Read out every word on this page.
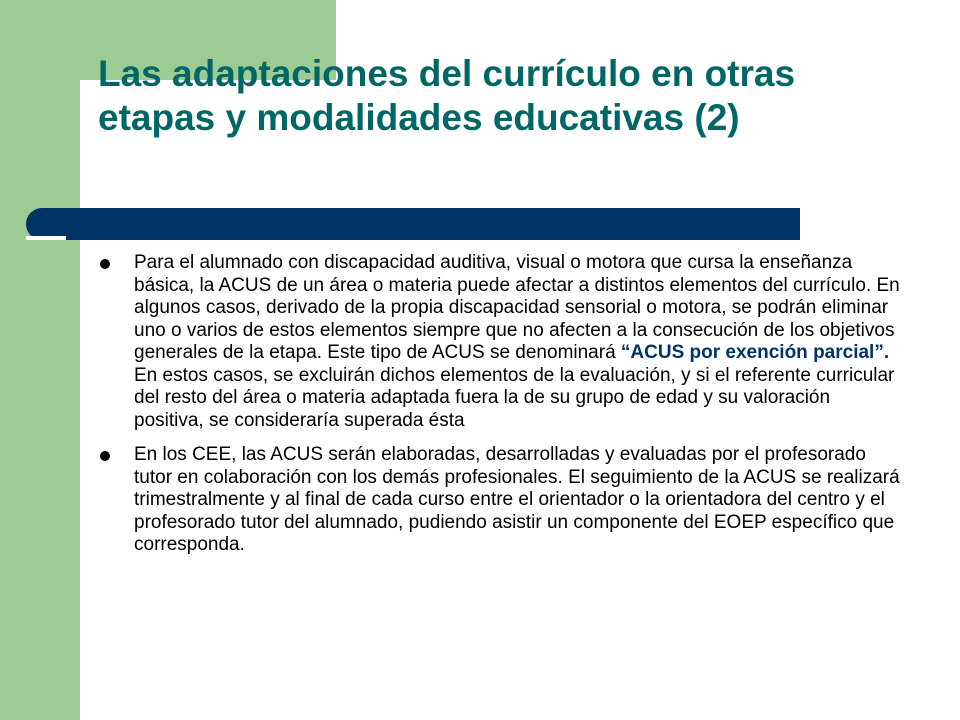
Las adaptaciones del currículo en otras etapas y modalidades educativas (2)
Para el alumnado con discapacidad auditiva, visual o motora que cursa la enseñanza básica, la ACUS de un área o materia puede afectar a distintos elementos del currículo. En algunos casos, derivado de la propia discapacidad sensorial o motora, se podrán eliminar uno o varios de estos elementos siempre que no afecten a la consecución de los objetivos generales de la etapa. Este tipo de ACUS se denominará “ACUS por exención parcial”. En estos casos, se excluirán dichos elementos de la evaluación, y si el referente curricular del resto del área o materia adaptada fuera la de su grupo de edad y su valoración positiva, se consideraría superada ésta
En los CEE, las ACUS serán elaboradas, desarrolladas y evaluadas por el profesorado tutor en colaboración con los demás profesionales. El seguimiento de la ACUS se realizará trimestralmente y al final de cada curso entre el orientador o la orientadora del centro y el profesorado tutor del alumnado, pudiendo asistir un componente del EOEP específico que corresponda.
